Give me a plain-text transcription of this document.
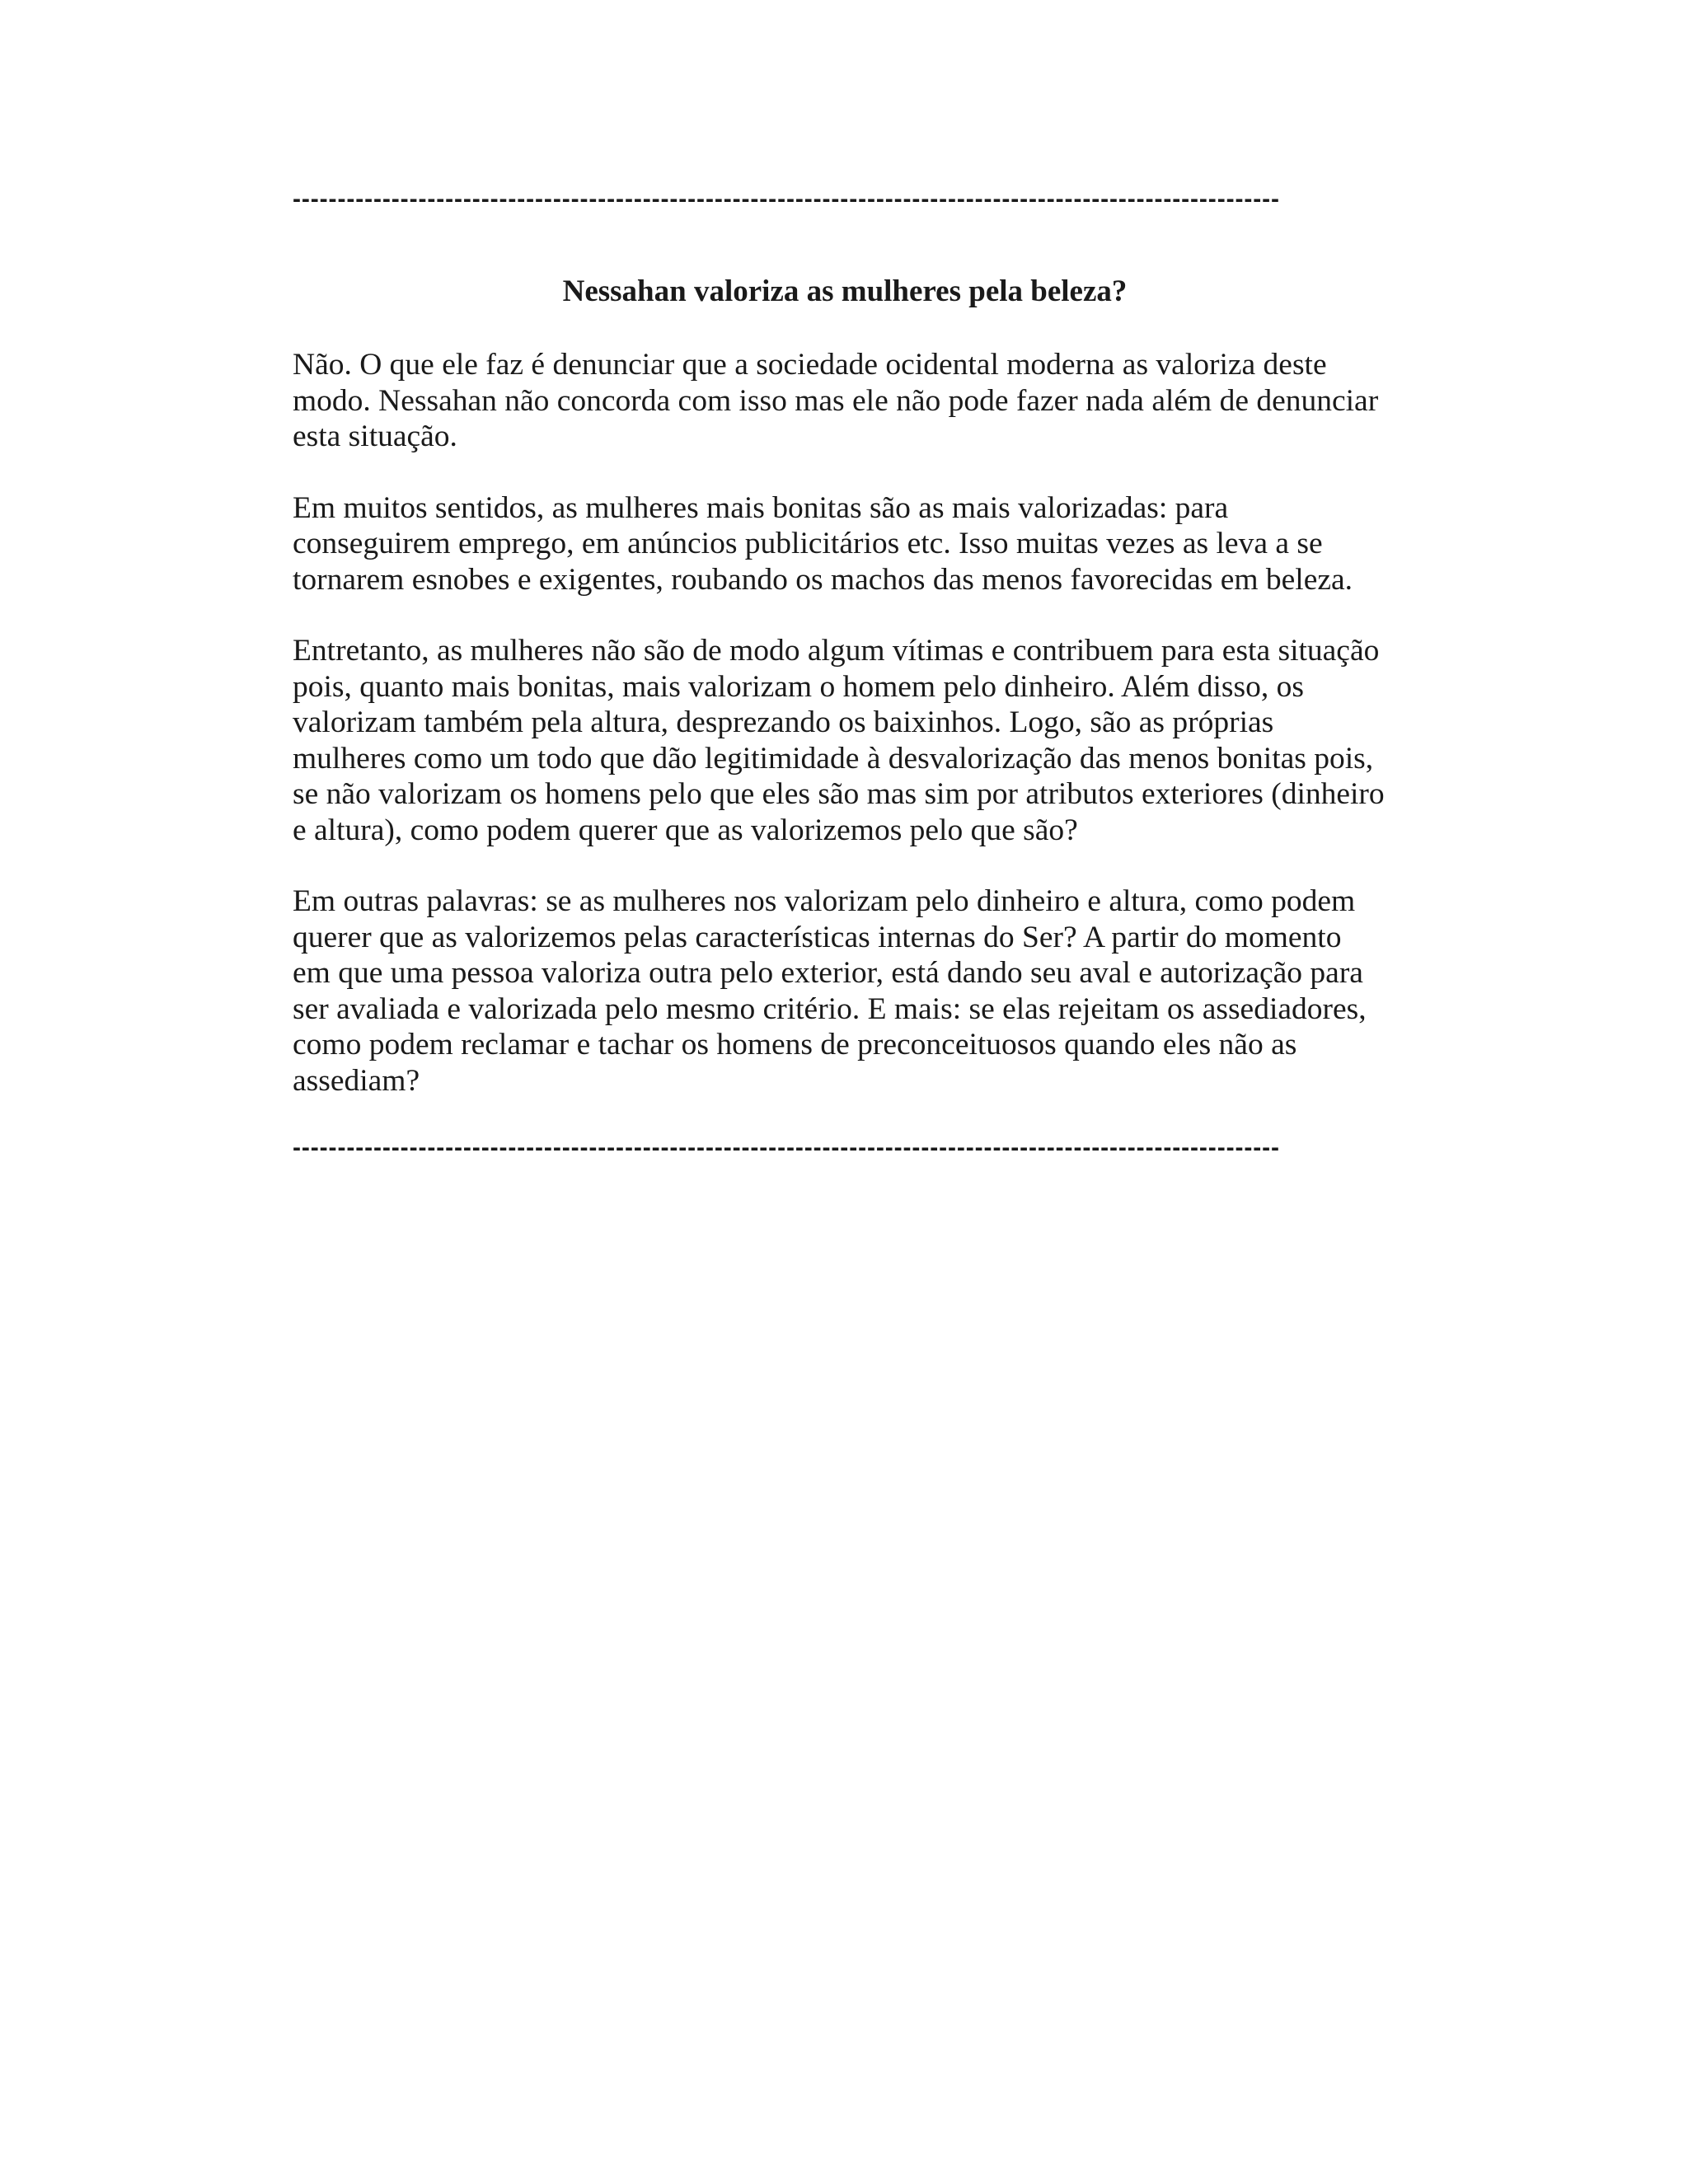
--------------------------------------------------------------------------------------------------------------
Nessahan valoriza as mulheres pela beleza?

Não. O que ele faz é denunciar que a sociedade ocidental moderna as valoriza deste
modo. Nessahan não concorda com isso mas ele não pode fazer nada além de denunciar
esta situação.

Em muitos sentidos, as mulheres mais bonitas são as mais valorizadas: para
conseguirem emprego, em anúncios publicitários etc. Isso muitas vezes as leva a se
tornarem esnobes e exigentes, roubando os machos das menos favorecidas em beleza.

Entretanto, as mulheres não são de modo algum vítimas e contribuem para esta situação
pois, quanto mais bonitas, mais valorizam o homem pelo dinheiro. Além disso, os
valorizam também pela altura, desprezando os baixinhos. Logo, são as próprias
mulheres como um todo que dão legitimidade à desvalorização das menos bonitas pois,
se não valorizam os homens pelo que eles são mas sim por atributos exteriores (dinheiro
e altura), como podem querer que as valorizemos pelo que são?

Em outras palavras: se as mulheres nos valorizam pelo dinheiro e altura, como podem
querer que as valorizemos pelas características internas do Ser? A partir do momento
em que uma pessoa valoriza outra pelo exterior, está dando seu aval e autorização para
ser avaliada e valorizada pelo mesmo critério. E mais: se elas rejeitam os assediadores,
como podem reclamar e tachar os homens de preconceituosos quando eles não as
assediam?

--------------------------------------------------------------------------------------------------------------
